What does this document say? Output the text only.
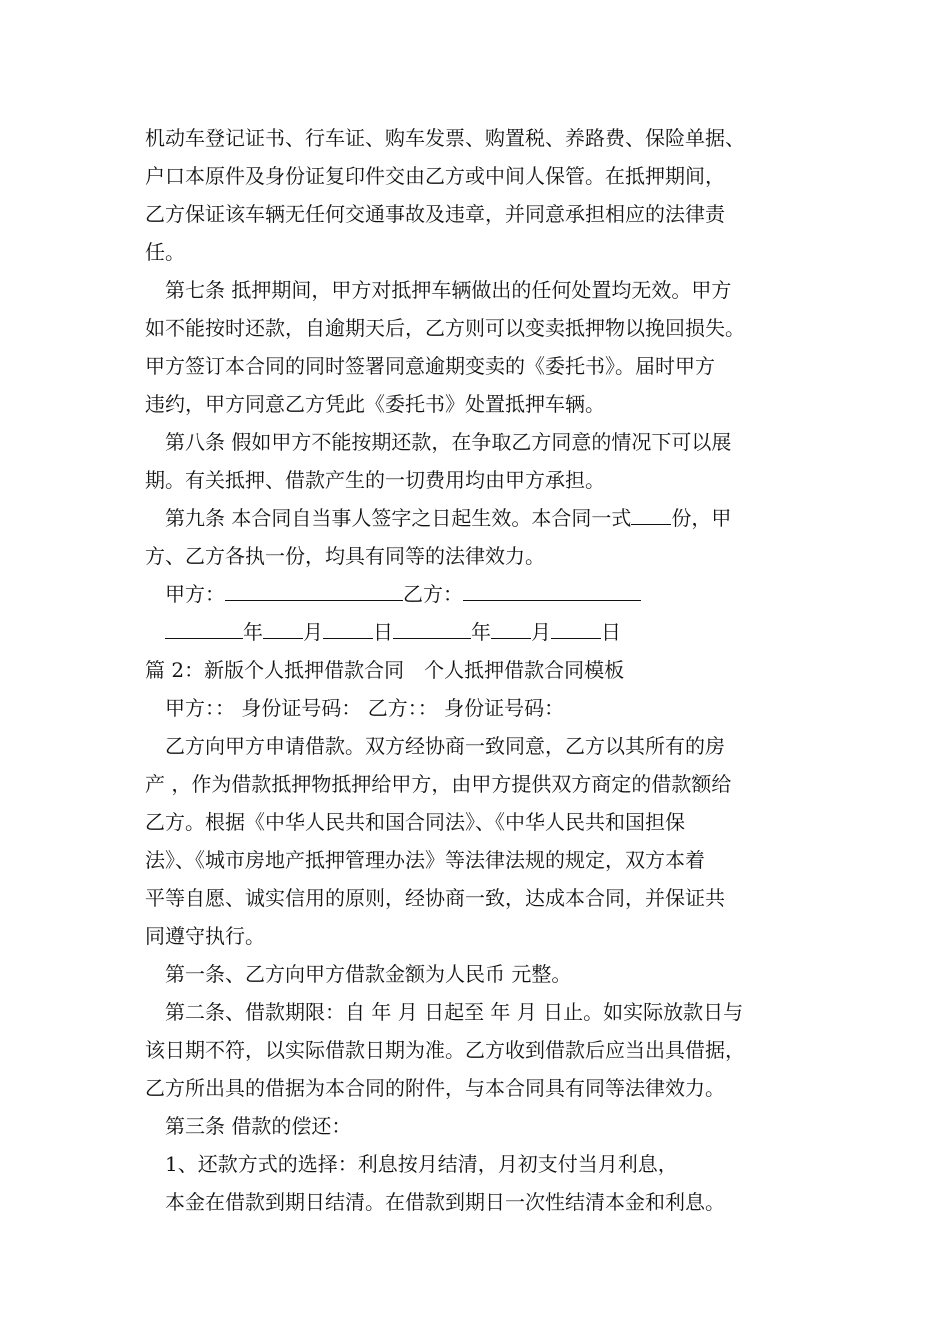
机动车登记证书、行车证、购车发票、购置税、养路费、保险单据、
户口本原件及身份证复印件交由乙方或中间人保管。在抵押期间，
乙方保证该车辆无任何交通事故及违章，并同意承担相应的法律责
任。
第七条 抵押期间，甲方对抵押车辆做出的任何处置均无效。甲方
如不能按时还款，自逾期天后，乙方则可以变卖抵押物以挽回损失。
甲方签订本合同的同时签署同意逾期变卖的《委托书》。届时甲方
违约，甲方同意乙方凭此《委托书》处置抵押车辆。
第八条 假如甲方不能按期还款，在争取乙方同意的情况下可以展
期。有关抵押、借款产生的一切费用均由甲方承担。
第九条 本合同自当事人签字之日起生效。本合同一式 份，甲
方、乙方各执一份，均具有同等的法律效力。
甲方：	乙方：
年 月	日	年 月	日
篇 2：新版个人抵押借款合同　个人抵押借款合同模板
甲方：： 身份证号码： 乙方：： 身份证号码：
乙方向甲方申请借款。双方经协商一致同意，乙方以其所有的房
产 ，作为借款抵押物抵押给甲方，由甲方提供双方商定的借款额给
乙方。根据《中华人民共和国合同法》、《中华人民共和国担保
法》、《城市房地产抵押管理办法》等法律法规的规定，双方本着
平等自愿、诚实信用的原则，经协商一致，达成本合同，并保证共
同遵守执行。
第一条、乙方向甲方借款金额为人民币 元整。
第二条、借款期限：自 年 月 日起至 年 月 日止。如实际放款日与
该日期不符，以实际借款日期为准。乙方收到借款后应当出具借据，
乙方所出具的借据为本合同的附件，与本合同具有同等法律效力。
第三条 借款的偿还：
1、还款方式的选择：利息按月结清，月初支付当月利息，
本金在借款到期日结清。在借款到期日一次性结清本金和利息。
